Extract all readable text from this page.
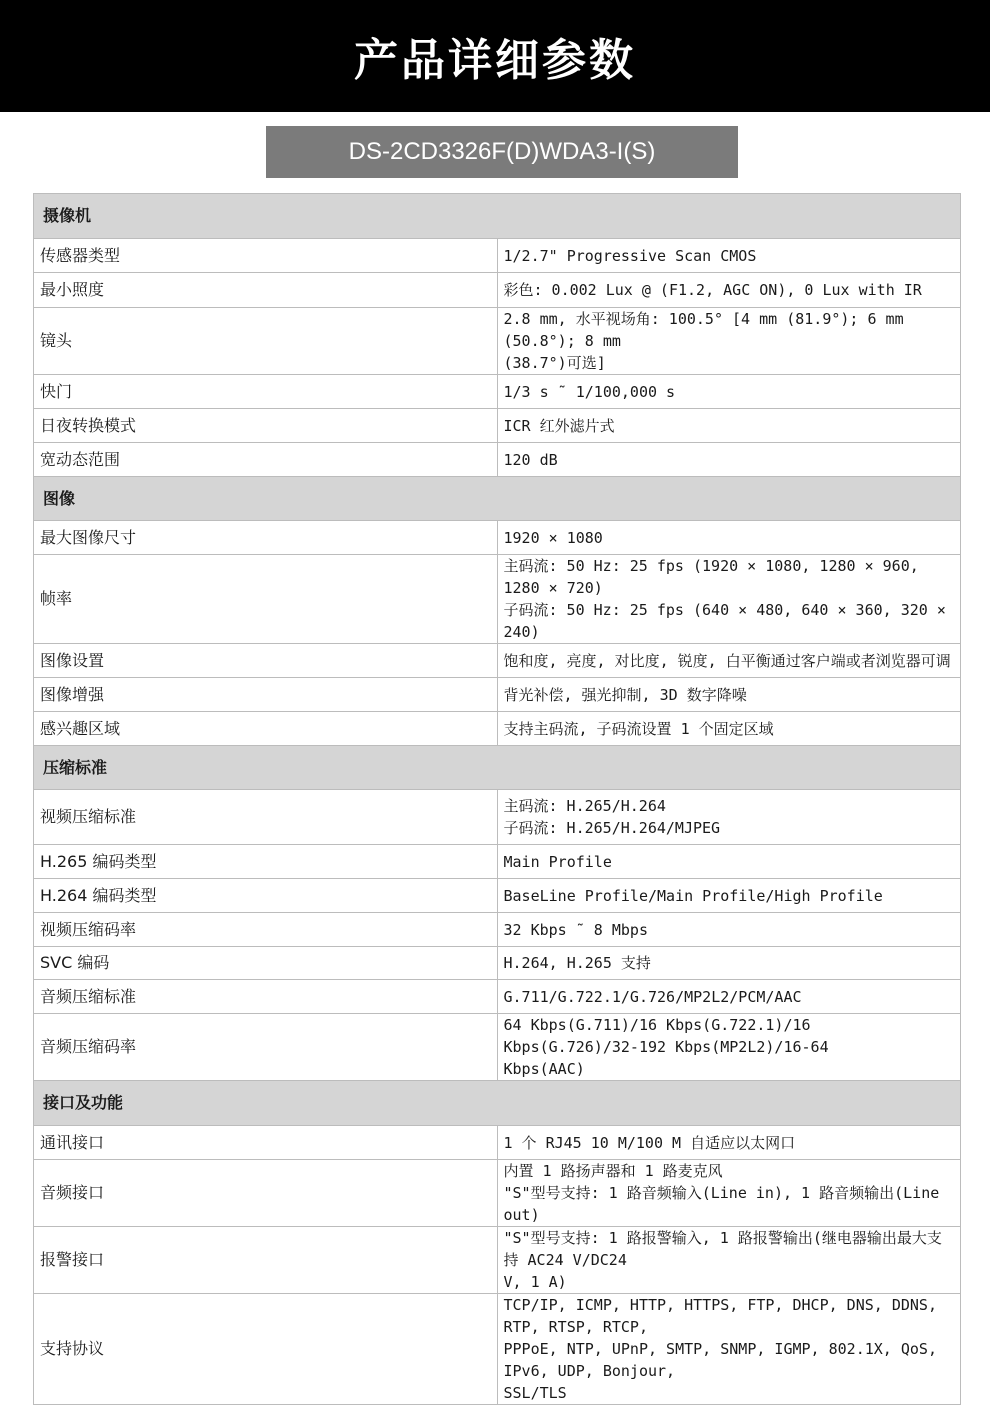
产品详细参数
DS-2CD3326F(D)WDA3-I(S)
摄像机	
传感器类型	1/2.7" Progressive Scan CMOS
最小照度	彩色: 0.002 Lux @ (F1.2, AGC ON), 0 Lux with IR
镜头	2.8 mm, 水平视场角: 100.5° [4 mm (81.9°); 6 mm (50.8°); 8 mm
(38.7°)可选]

快门	1/3 s ˜ 1/100,000 s
日夜转换模式	ICR 红外滤片式
宽动态范围	120 dB
图像	
最大图像尺寸	1920 × 1080
帧率	主码流: 50 Hz: 25 fps (1920 × 1080, 1280 × 960, 1280 × 720)
子码流: 50 Hz: 25 fps (640 × 480, 640 × 360, 320 × 240)

图像设置	饱和度, 亮度, 对比度, 锐度, 白平衡通过客户端或者浏览器可调
图像增强	背光补偿, 强光抑制, 3D 数字降噪
感兴趣区域	支持主码流, 子码流设置 1 个固定区域
压缩标准	
视频压缩标准	主码流: H.265/H.264
子码流: H.265/H.264/MJPEG

H.265 编码类型	Main Profile
H.264 编码类型	BaseLine Profile/Main Profile/High Profile
视频压缩码率	32 Kbps ˜ 8 Mbps
SVC 编码	H.264, H.265 支持
音频压缩标准	G.711/G.722.1/G.726/MP2L2/PCM/AAC
音频压缩码率	64 Kbps(G.711)/16 Kbps(G.722.1)/16 Kbps(G.726)/32-192 Kbps(MP2L2)/16-64
Kbps(AAC)

接口及功能	
通讯接口	1 个 RJ45 10 M/100 M 自适应以太网口
音频接口	内置 1 路扬声器和 1 路麦克风
"S"型号支持: 1 路音频输入(Line in), 1 路音频输出(Line out)

报警接口	"S"型号支持: 1 路报警输入, 1 路报警输出(继电器输出最大支持 AC24 V/DC24
V, 1 A)

支持协议	TCP/IP, ICMP, HTTP, HTTPS, FTP, DHCP, DNS, DDNS, RTP, RTSP, RTCP,
PPPoE, NTP, UPnP, SMTP, SNMP, IGMP, 802.1X, QoS, IPv6, UDP, Bonjour,
SSL/TLS
